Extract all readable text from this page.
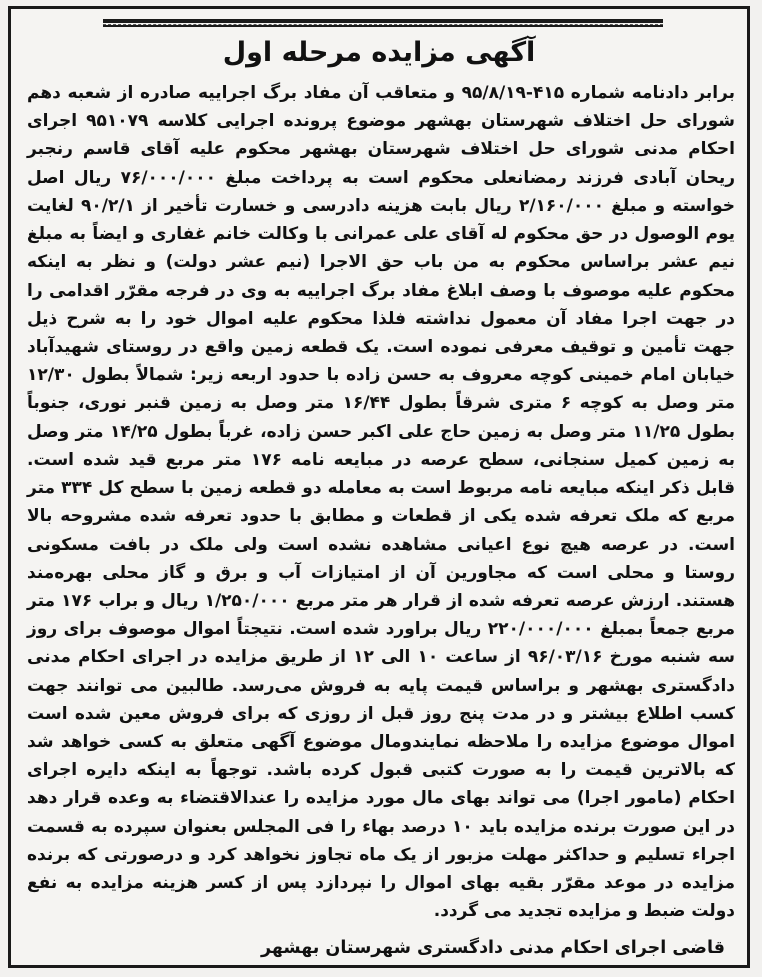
آگهی مزایده مرحله اول

برابر دادنامه شماره ۴۱۵-۹۵/۸/۱۹ و متعاقب آن مفاد برگ اجراییه صادره از شعبه دهم شورای حل اختلاف شهرستان بهشهر موضوع پرونده اجرایی کلاسه ۹۵۱۰۷۹ اجرای احکام مدنی شورای حل اختلاف شهرستان بهشهر محکوم علیه آقای قاسم رنجبر ریحان آبادی فرزند رمضانعلی محکوم است به پرداخت مبلغ ۷۶/۰۰۰/۰۰۰ ریال اصل خواسته و مبلغ ۲/۱۶۰/۰۰۰ ریال بابت هزینه دادرسی و خسارت تأخیر از ۹۰/۲/۱ لغایت یوم الوصول در حق محکوم له آقای علی عمرانی با وکالت خانم غفاری و ایضاً به مبلغ نیم عشر براساس محکوم به من باب حق الاجرا (نیم عشر دولت) و نظر به اینکه محکوم علیه موصوف با وصف ابلاغ مفاد برگ اجراییه به وی در فرجه مقرّر اقدامی را در جهت اجرا مفاد آن معمول نداشته فلذا محکوم علیه اموال خود را به شرح ذیل جهت تأمین و توقیف معرفی نموده است. یک قطعه زمین واقع در روستای شهید‌آباد خیابان امام خمینی کوچه معروف به حسن زاده با حدود اربعه زیر: شمالاً بطول ۱۲/۳۰ متر وصل به کوچه ۶ متری شرقاً بطول ۱۶/۴۴ متر وصل به زمین قنبر نوری، جنوباً بطول ۱۱/۲۵ متر وصل به زمین حاج علی اکبر حسن زاده، غرباً بطول ۱۴/۲۵ متر وصل به زمین کمیل سنجانی، سطح عرصه در مبایعه نامه ۱۷۶ متر مربع قید شده است. قابل ذکر اینکه مبایعه نامه مربوط است به معامله دو قطعه زمین با سطح کل ۳۳۴ متر مربع که ملک تعرفه شده یکی از قطعات و مطابق با حدود تعرفه شده مشروحه بالا است. در عرصه هیچ نوع اعیانی مشاهده نشده است ولی ملک در بافت مسکونی روستا و محلی است که مجاورین آن از امتیازات آب و برق و گاز محلی بهره‌مند هستند. ارزش عرصه تعرفه شده از قرار هر متر مربع ۱/۲۵۰/۰۰۰ ریال و براب ۱۷۶ متر مربع جمعاً بمبلغ ۲۲۰/۰۰۰/۰۰۰ ریال براورد شده است. نتیجتاً اموال موصوف برای روز سه شنبه مورخ ۹۶/۰۳/۱۶ از ساعت ۱۰ الی ۱۲ از طریق مزایده در اجرای احکام مدنی دادگستری بهشهر و براساس قیمت پایه به فروش می‌رسد. طالبین می توانند جهت کسب اطلاع بیشتر و در مدت پنج روز قبل از روزی که برای فروش معین شده است اموال موضوع مزایده را ملاحظه نمایندومال موضوع آگهی متعلق به کسی خواهد شد که بالاترین قیمت را به صورت کتبی قبول کرده باشد. توجهاً به اینکه دایره اجرای احکام (مامور اجرا) می تواند بهای مال مورد مزایده را عندالاقتضاء به وعده قرار دهد در این صورت برنده مزایده باید ۱۰ درصد بهاء را فی المجلس بعنوان سپرده به قسمت اجراء تسلیم و حداکثر مهلت مزبور از یک ماه تجاوز نخواهد کرد و درصورتی که برنده مزایده در موعد مقرّر بقیه بهای اموال را نپردازد پس از کسر هزینه مزایده به نفع دولت ضبط و مزایده تجدید می گردد.

قاضی اجرای احکام مدنی دادگستری شهرستان بهشهر
